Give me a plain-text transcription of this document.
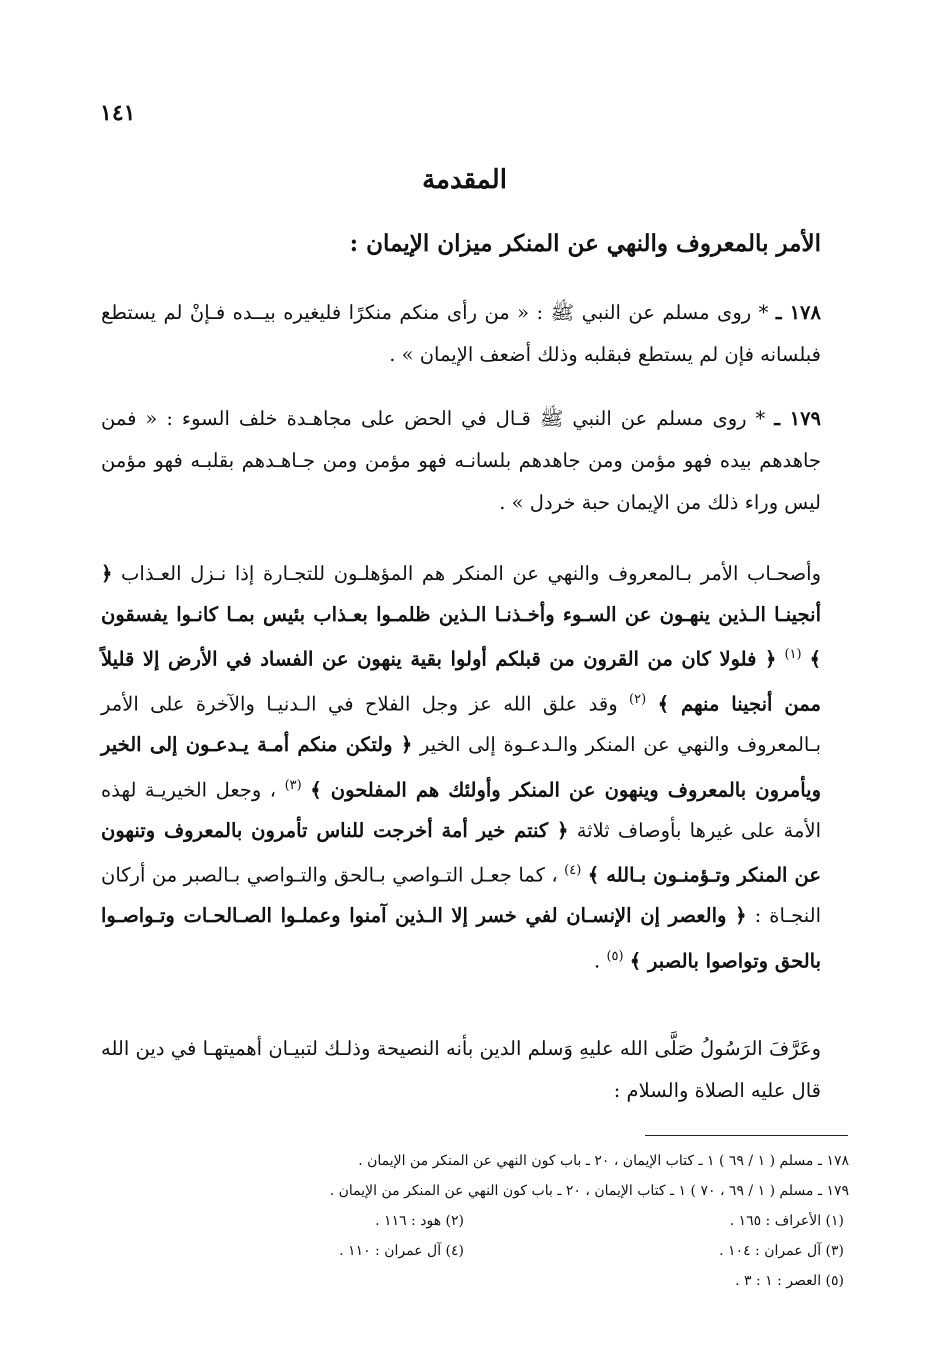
١٤١
المقدمة
الأمر بالمعروف والنهي عن المنكر ميزان الإيمان :
١٧٨ ـ * روى مسلم عن النبي ﷺ : « من رأى منكم منكرًا فليغيره بيــده فـإنْ لم يستطع فبلسانه فإن لم يستطع فبقلبه وذلك أضعف الإيمان » .
١٧٩ ـ * روى مسلم عن النبي ﷺ قـال في الحض على مجاهـدة خلف السوء : « فمن جاهدهم بيده فهو مؤمن ومن جاهدهم بلسانـه فهو مؤمن ومن جـاهـدهم بقلبـه فهو مؤمن ليس وراء ذلك من الإيمان حبة خردل » .
وأصحـاب الأمر بـالمعروف والنهي عن المنكر هم المؤهلـون للتجـارة إذا نـزل العـذاب ﴿ أنجينـا الـذين ينهـون عن السـوء وأخـذنـا الـذين ظلمـوا بعـذاب بئيس بمـا كانـوا يفسقون ﴾ $^{(١)}$ ﴿ فلولا كان من القرون من قبلكم أولوا بقية ينهون عن الفساد في الأرض إلا قليلاً ممن أنجينا منهم ﴾ $^{(٢)}$ وقد علق الله عز وجل الفلاح في الـدنيـا والآخرة على الأمر بـالمعروف والنهي عن المنكر والـدعـوة إلى الخير ﴿ ولتكن منكم أمـة يـدعـون إلى الخير ويأمرون بالمعروف وينهون عن المنكر وأولئك هم المفلحون ﴾ $^{(٣)}$ ، وجعل الخيريـة لهذه الأمة على غيرها بأوصاف ثلاثة ﴿ كنتم خير أمة أخرجت للناس تأمرون بالمعروف وتنهون عن المنكر وتـؤمنـون بـالله ﴾ $^{(٤)}$ ، كما جعـل التـواصي بـالحق والتـواصي بـالصبر من أركان النجـاة : ﴿ والعصر إن الإنسـان لفي خسر إلا الـذين آمنوا وعملـوا الصـالحـات وتـواصـوا بالحق وتواصوا بالصبر ﴾ $^{(٥)}$ .
وعَرَّفَ الرَسُولُ صَلَّى الله عليهِ وَسلم الدين بأنه النصيحة وذلـك لتبيـان أهميتهـا في دين الله قال عليه الصلاة والسلام :
١٧٨ ـ مسلم ( ١ / ٦٩ ) ١ ـ كتاب الإيمان ، ٢٠ ـ باب كون النهي عن المنكر من الإيمان .
١٧٩ ـ مسلم ( ١ / ٦٩ ، ٧٠ ) ١ ـ كتاب الإيمان ، ٢٠ ـ باب كون النهي عن المنكر من الإيمان .
(١) الأعراف : ١٦٥ .
(٢) هود : ١١٦ .
(٣) آل عمران : ١٠٤ .
(٤) آل عمران : ١١٠ .
(٥) العصر : ١ : ٣ .
